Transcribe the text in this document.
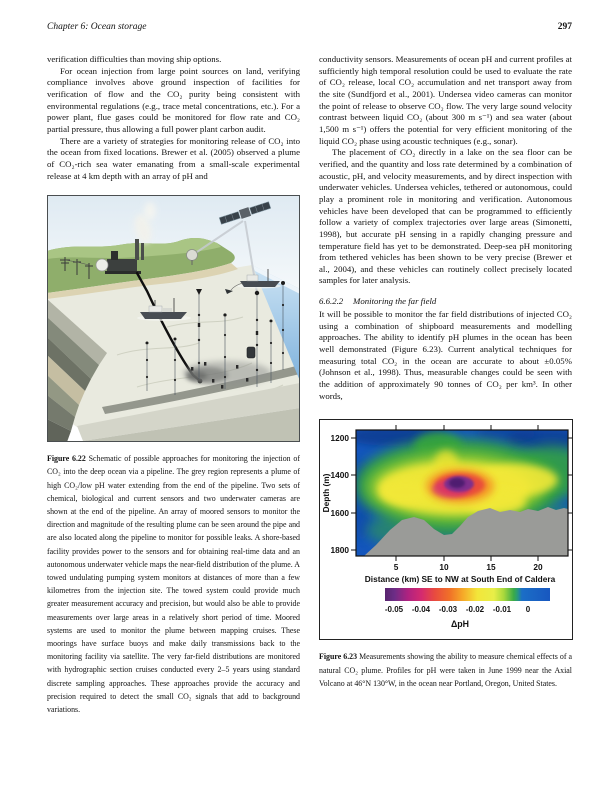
Chapter 6: Ocean storage	297

verification difficulties than moving ship options.

For ocean injection from large point sources on land, verifying compliance involves above ground inspection of facilities for verification of flow and the CO₂ purity being consistent with environmental regulations (e.g., trace metal concentrations, etc.). For a power plant, flue gases could be monitored for flow rate and CO₂ partial pressure, thus allowing a full power plant carbon audit.

There are a variety of strategies for monitoring release of CO₂ into the ocean from fixed locations. Brewer et al. (2005) observed a plume of CO₂-rich sea water emanating from a small-scale experimental release at 4 km depth with an array of pH and

Figure 6.22 Schematic of possible approaches for monitoring the injection of CO₂ into the deep ocean via a pipeline. The grey region represents a plume of high CO₂/low pH water extending from the end of the pipeline. Two sets of chemical, biological and current sensors and two underwater cameras are shown at the end of the pipeline. An array of moored sensors to monitor the direction and magnitude of the resulting plume can be seen around the pipe and are also located along the pipeline to monitor for possible leaks. A shore-based facility provides power to the sensors and for obtaining real-time data and an autonomous underwater vehicle maps the near-field distribution of the plume. A towed undulating pumping system monitors at distances of more than a few kilometres from the injection site. The towed system could provide much greater measurement accuracy and precision, but would also be able to provide measurements over large areas in a relatively short period of time. Moored systems are used to monitor the plume between mapping cruises. These moorings have surface buoys and make daily transmissions back to the monitoring facility via satellite. The very far-field distributions are monitored with hydrographic section cruises conducted every 2–5 years using standard discrete sampling approaches. These approaches provide the accuracy and precision required to detect the small CO₂ signals that add to background variations.

conductivity sensors. Measurements of ocean pH and current profiles at sufficiently high temporal resolution could be used to evaluate the rate of CO₂ release, local CO₂ accumulation and net transport away from the site (Sundfjord et al., 2001). Undersea video cameras can monitor the point of release to observe CO₂ flow. The very large sound velocity contrast between liquid CO₂ (about 300 m s⁻¹) and sea water (about 1,500 m s⁻¹) offers the potential for very efficient monitoring of the liquid CO₂ phase using acoustic techniques (e.g., sonar).

The placement of CO₂ directly in a lake on the sea floor can be verified, and the quantity and loss rate determined by a combination of acoustic, pH, and velocity measurements, and by direct inspection with underwater vehicles. Undersea vehicles, tethered or autonomous, could play a prominent role in monitoring and verification. Autonomous vehicles have been developed that can be programmed to efficiently follow a variety of complex trajectories over large areas (Simonetti, 1998), but accurate pH sensing in a rapidly changing pressure and temperature field has yet to be demonstrated. Deep-sea pH monitoring from tethered vehicles has been shown to be very precise (Brewer et al., 2004), and these vehicles can routinely collect precisely located samples for later analysis.

6.6.2.2 Monitoring the far field

It will be possible to monitor the far field distributions of injected CO₂ using a combination of shipboard measurements and modelling approaches. The ability to identify pH plumes in the ocean has been well demonstrated (Figure 6.23). Current analytical techniques for measuring total CO₂ in the ocean are accurate to about ±0.05% (Johnson et al., 1998). Thus, measurable changes could be seen with the addition of approximately 90 tonnes of CO₂ per km³. In other words,

1200
1400
1600
1800
5	10	15	20
Depth (m)
Distance (km) SE to NW at South End of Caldera
-0.05 -0.04 -0.03 -0.02 -0.01 0
ΔpH

Figure 6.23 Measurements showing the ability to measure chemical effects of a natural CO₂ plume. Profiles for pH were taken in June 1999 near the Axial Volcano at 46°N 130°W, in the ocean near Portland, Oregon, United States.
